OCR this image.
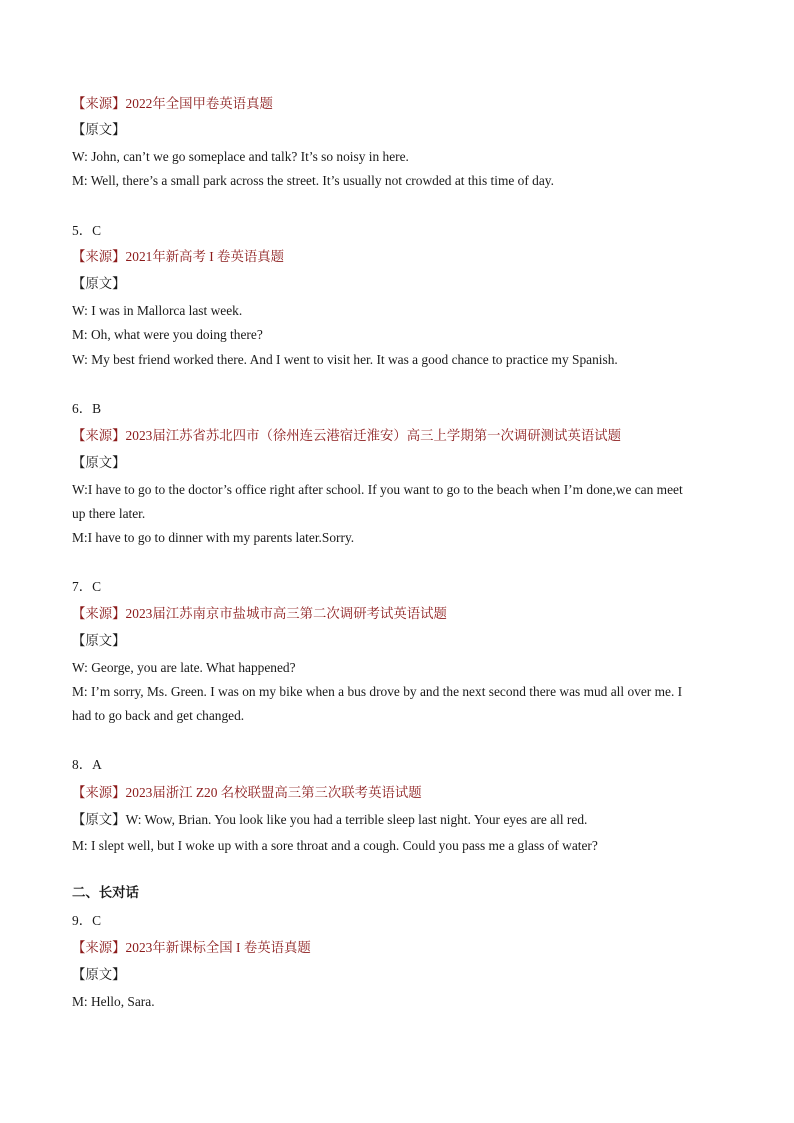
【来源】2022年全国甲卷英语真题
【原文】
W: John, can’t we go someplace and talk? It’s so noisy in here.
M: Well, there’s a small park across the street. It’s usually not crowded at this time of day.
5．C
【来源】2021年新高考 I 卷英语真题
【原文】
W: I was in Mallorca last week.
M: Oh, what were you doing there?
W: My best friend worked there. And I went to visit her. It was a good chance to practice my Spanish.
6．B
【来源】2023届江苏省苏北四市（徐州连云港宿迁淮安）高三上学期第一次调研测试英语试题
【原文】
W:I have to go to the doctor’s office right after school. If you want to go to the beach when I’m done,we can meet
up there later.
M:I have to go to dinner with my parents later.Sorry.
7．C
【来源】2023届江苏南京市盐城市高三第二次调研考试英语试题
【原文】
W: George, you are late. What happened?
M: I’m sorry, Ms. Green. I was on my bike when a bus drove by and the next second there was mud all over me. I
had to go back and get changed.
8．A
【来源】2023届浙江 Z20 名校联盟高三第三次联考英语试题
【原文】W: Wow, Brian. You look like you had a terrible sleep last night. Your eyes are all red.
M: I slept well, but I woke up with a sore throat and a cough. Could you pass me a glass of water?
二、长对话
9．C
【来源】2023年新课标全国 I 卷英语真题
【原文】
M: Hello, Sara.
